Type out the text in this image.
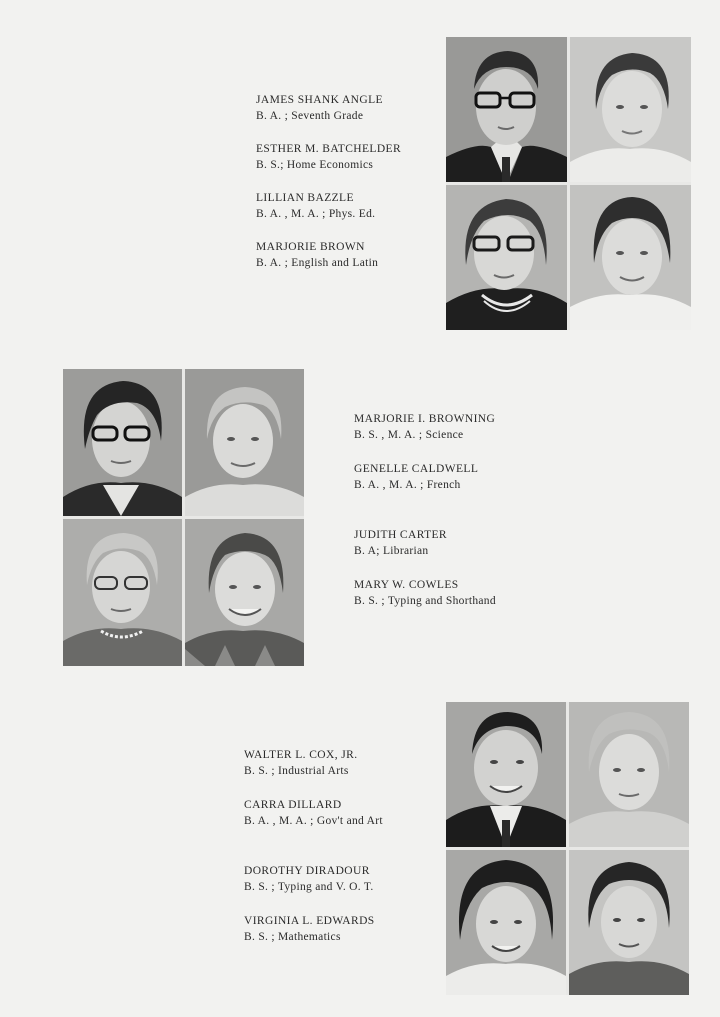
JAMES SHANK ANGLE
B. A. ; Seventh Grade
ESTHER M. BATCHELDER
B. S.; Home Economics
LILLIAN BAZZLE
B. A. , M. A. ; Phys. Ed.
MARJORIE BROWN
B. A. ; English and Latin
MARJORIE I. BROWNING
B. S. , M. A. ; Science
GENELLE CALDWELL
B. A. , M. A. ; French
JUDITH CARTER
B. A; Librarian
MARY W. COWLES
B. S. ; Typing and Shorthand
WALTER L. COX, JR.
B. S. ; Industrial Arts
CARRA DILLARD
B. A. , M. A. ; Gov't and Art
DOROTHY DIRADOUR
B. S. ; Typing and V. O. T.
VIRGINIA L. EDWARDS
B. S. ; Mathematics
